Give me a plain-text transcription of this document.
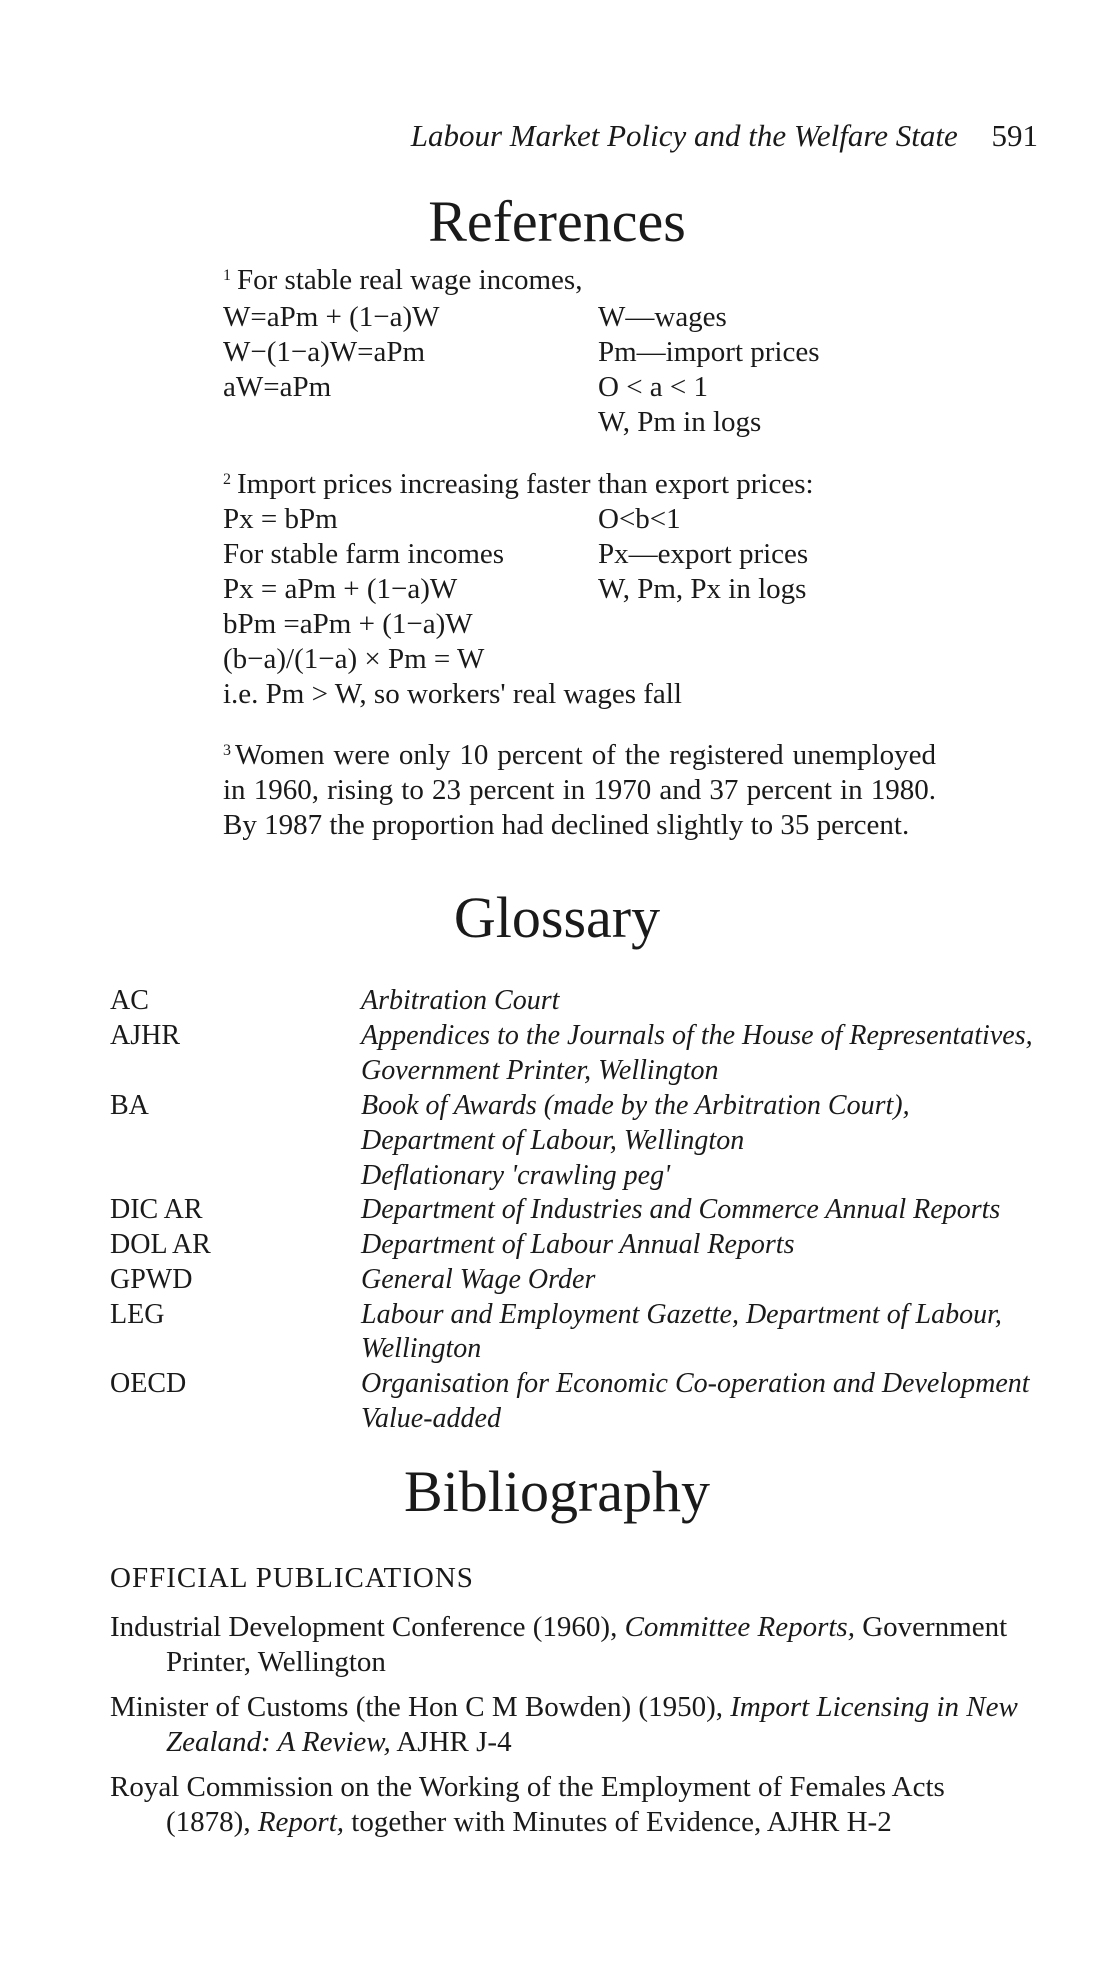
Labour Market Policy and the Welfare State 591
References
$^1$ For stable real wage incomes,
W=aPm + (1−a)W
W−(1−a)W=aPm
aW=aPm
W—wages
Pm—import prices
O < a < 1
W, Pm in logs
$^2$ Import prices increasing faster than export prices:
Px = bPm
For stable farm incomes
Px = aPm + (1−a)W
bPm =aPm + (1−a)W
(b−a)/(1−a) × Pm = W
i.e. Pm > W, so workers' real wages fall
O<b<1
Px—export prices
W, Pm, Px in logs
$^3$ Women were only 10 percent of the registered unemployed in 1960, rising to 23 percent in 1970 and 37 percent in 1980. By 1987 the proportion had declined slightly to 35 percent.
Glossary
AC
AJHR
BA
DIC AR
DOL AR
GPWD
LEG
OECD
Arbitration Court
Appendices to the Journals of the House of Representatives,
Government Printer, Wellington
Book of Awards (made by the Arbitration Court),
Department of Labour, Wellington
Deflationary 'crawling peg'
Department of Industries and Commerce Annual Reports
Department of Labour Annual Reports
General Wage Order
Labour and Employment Gazette, Department of Labour,
Wellington
Organisation for Economic Co-operation and Development
Value-added
Bibliography
OFFICIAL PUBLICATIONS
Industrial Development Conference (1960), Committee Reports, Government
Printer, Wellington
Minister of Customs (the Hon C M Bowden) (1950), Import Licensing in New
Zealand: A Review, AJHR J-4
Royal Commission on the Working of the Employment of Females Acts
(1878), Report, together with Minutes of Evidence, AJHR H-2
